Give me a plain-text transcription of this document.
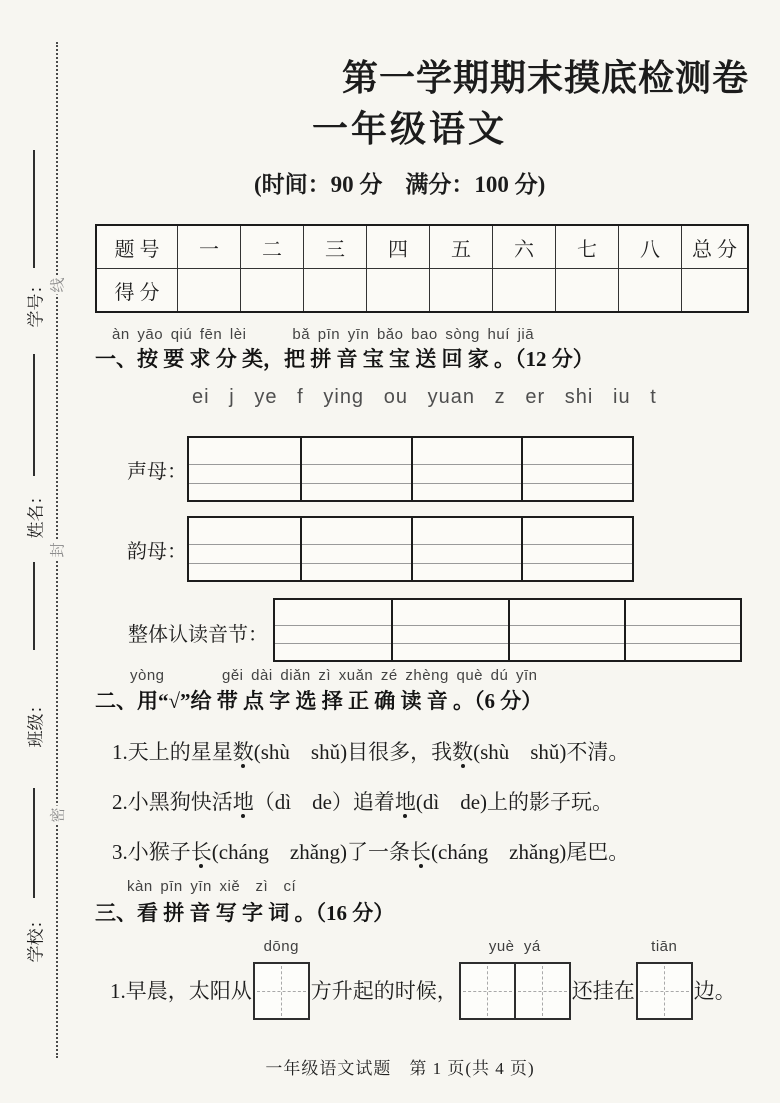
线
封
密
学号：
姓名：
班级：
学校：
第一学期期末摸底检测卷
一年级语文
(时间：90 分　满分：100 分)
题 号	一	二	三	四	五	六	七	八	总 分
得 分
àn yāo qiú fēn lèi      bǎ pīn yīn bǎo bao sòng huí jiā
一、按 要 求 分 类，把 拼 音 宝 宝 送 回 家 。（12 分）
ei   j   ye   f   ying   ou   yuan   z   er   shi   iu   t
声母：
韵母：
整体认读音节：
yòng	gěi dài diǎn zì xuǎn zé zhèng què dú yīn
二、用“√”给 带 点 字 选 择 正 确 读 音 。（6 分）
1.天上的星星数(shù　shǔ)目很多，我数(shù　shǔ)不清。
2.小黑狗快活地（dì　de）追着地(dì　de)上的影子玩。
3.小猴子长(cháng　zhǎng)了一条长(cháng　zhǎng)尾巴。
kàn pīn yīn xiě  zì  cí
三、看 拼 音 写 字 词 。（16 分）
1.早晨，太阳从
dōng
方升起的时候，
yuè  yá
还挂在
tiān
边。
一年级语文试题　第 1 页(共 4 页)
